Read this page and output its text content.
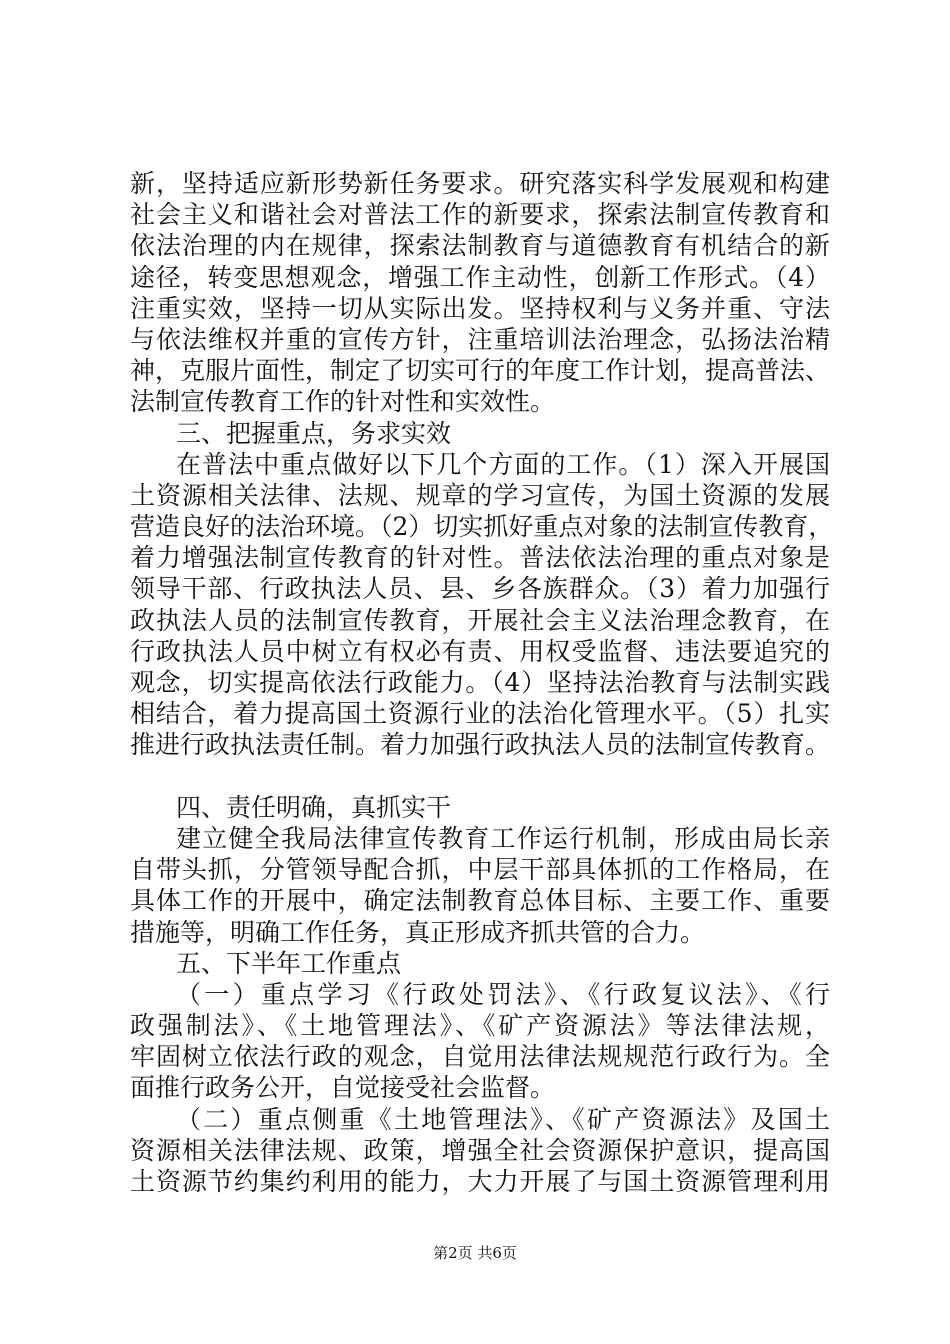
新，坚持适应新形势新任务要求。研究落实科学发展观和构建
社会主义和谐社会对普法工作的新要求，探索法制宣传教育和
依法治理的内在规律，探索法制教育与道德教育有机结合的新
途径，转变思想观念，增强工作主动性，创新工作形式。（4）
注重实效，坚持一切从实际出发。坚持权利与义务并重、守法
与依法维权并重的宣传方针，注重培训法治理念，弘扬法治精
神，克服片面性，制定了切实可行的年度工作计划，提高普法、
法制宣传教育工作的针对性和实效性。
三、把握重点，务求实效
在普法中重点做好以下几个方面的工作。（1）深入开展国
土资源相关法律、法规、规章的学习宣传，为国土资源的发展
营造良好的法治环境。（2）切实抓好重点对象的法制宣传教育，
着力增强法制宣传教育的针对性。普法依法治理的重点对象是
领导干部、行政执法人员、县、乡各族群众。（3）着力加强行
政执法人员的法制宣传教育，开展社会主义法治理念教育，在
行政执法人员中树立有权必有责、用权受监督、违法要追究的
观念，切实提高依法行政能力。（4）坚持法治教育与法制实践
相结合，着力提高国土资源行业的法治化管理水平。（5）扎实
推进行政执法责任制。着力加强行政执法人员的法制宣传教育。
四、责任明确，真抓实干
建立健全我局法律宣传教育工作运行机制，形成由局长亲
自带头抓，分管领导配合抓，中层干部具体抓的工作格局，在
具体工作的开展中，确定法制教育总体目标、主要工作、重要
措施等，明确工作任务，真正形成齐抓共管的合力。
五、下半年工作重点
（一）重点学习《行政处罚法》、《行政复议法》、《行
政强制法》、《土地管理法》、《矿产资源法》等法律法规，
牢固树立依法行政的观念，自觉用法律法规规范行政行为。全
面推行政务公开，自觉接受社会监督。
（二）重点侧重《土地管理法》、《矿产资源法》及国土
资源相关法律法规、政策，增强全社会资源保护意识，提高国
土资源节约集约利用的能力，大力开展了与国土资源管理利用
第2页 共6页
